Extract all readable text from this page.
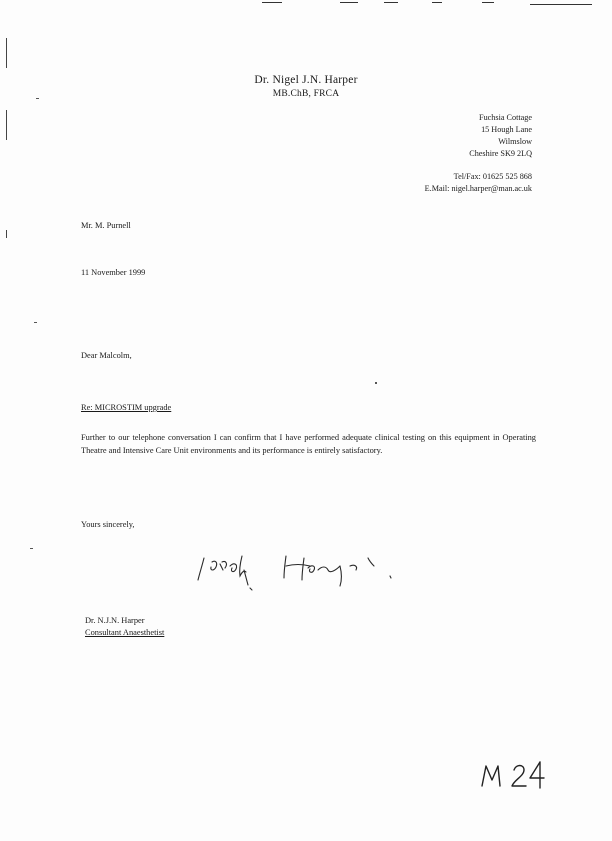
Dr. Nigel J.N. Harper
MB.ChB, FRCA
Fuchsia Cottage
15 Hough Lane
Wilmslow
Cheshire SK9 2LQ
Tel/Fax: 01625 525 868
E.Mail: nigel.harper@man.ac.uk
Mr. M. Purnell
11 November 1999
Dear Malcolm,
Re: MICROSTIM upgrade
Further to our telephone conversation I can confirm that I have performed adequate clinical testing on this equipment in Operating Theatre and Intensive Care Unit environments and its performance is entirely satisfactory.
Yours sincerely,
Dr. N.J.N. Harper
Consultant Anaesthetist
